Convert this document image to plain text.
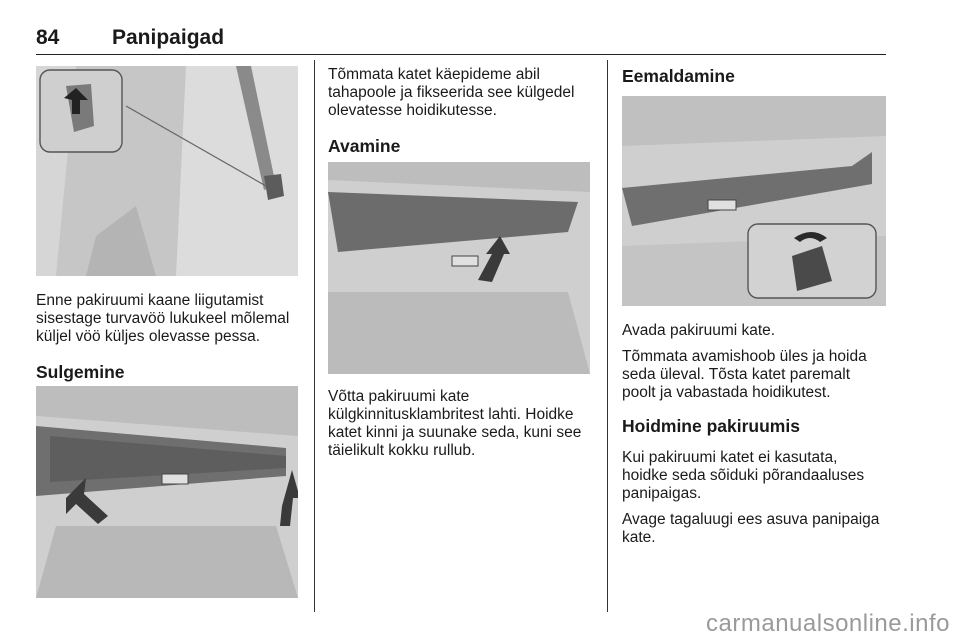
84	Panipaigad

Enne pakiruumi kaane liigutamist
sisestage turvavöö lukukeel mõlemal
küljel vöö küljes olevasse pessa.

Sulgemine

Tõmmata katet käepideme abil
tahapoole ja fikseerida see külgedel
olevatesse hoidikutesse.

Avamine

Võtta pakiruumi kate
külgkinnitusklambritest lahti. Hoidke
katet kinni ja suunake seda, kuni see
täielikult kokku rullub.

Eemaldamine

Avada pakiruumi kate.

Tõmmata avamishoob üles ja hoida
seda üleval. Tõsta katet paremalt
poolt ja vabastada hoidikutest.

Hoidmine pakiruumis

Kui pakiruumi katet ei kasutata,
hoidke seda sõiduki põrandaaluses
panipaigas.

Avage tagaluugi ees asuva panipaiga
kate.

carmanualsonline.info
